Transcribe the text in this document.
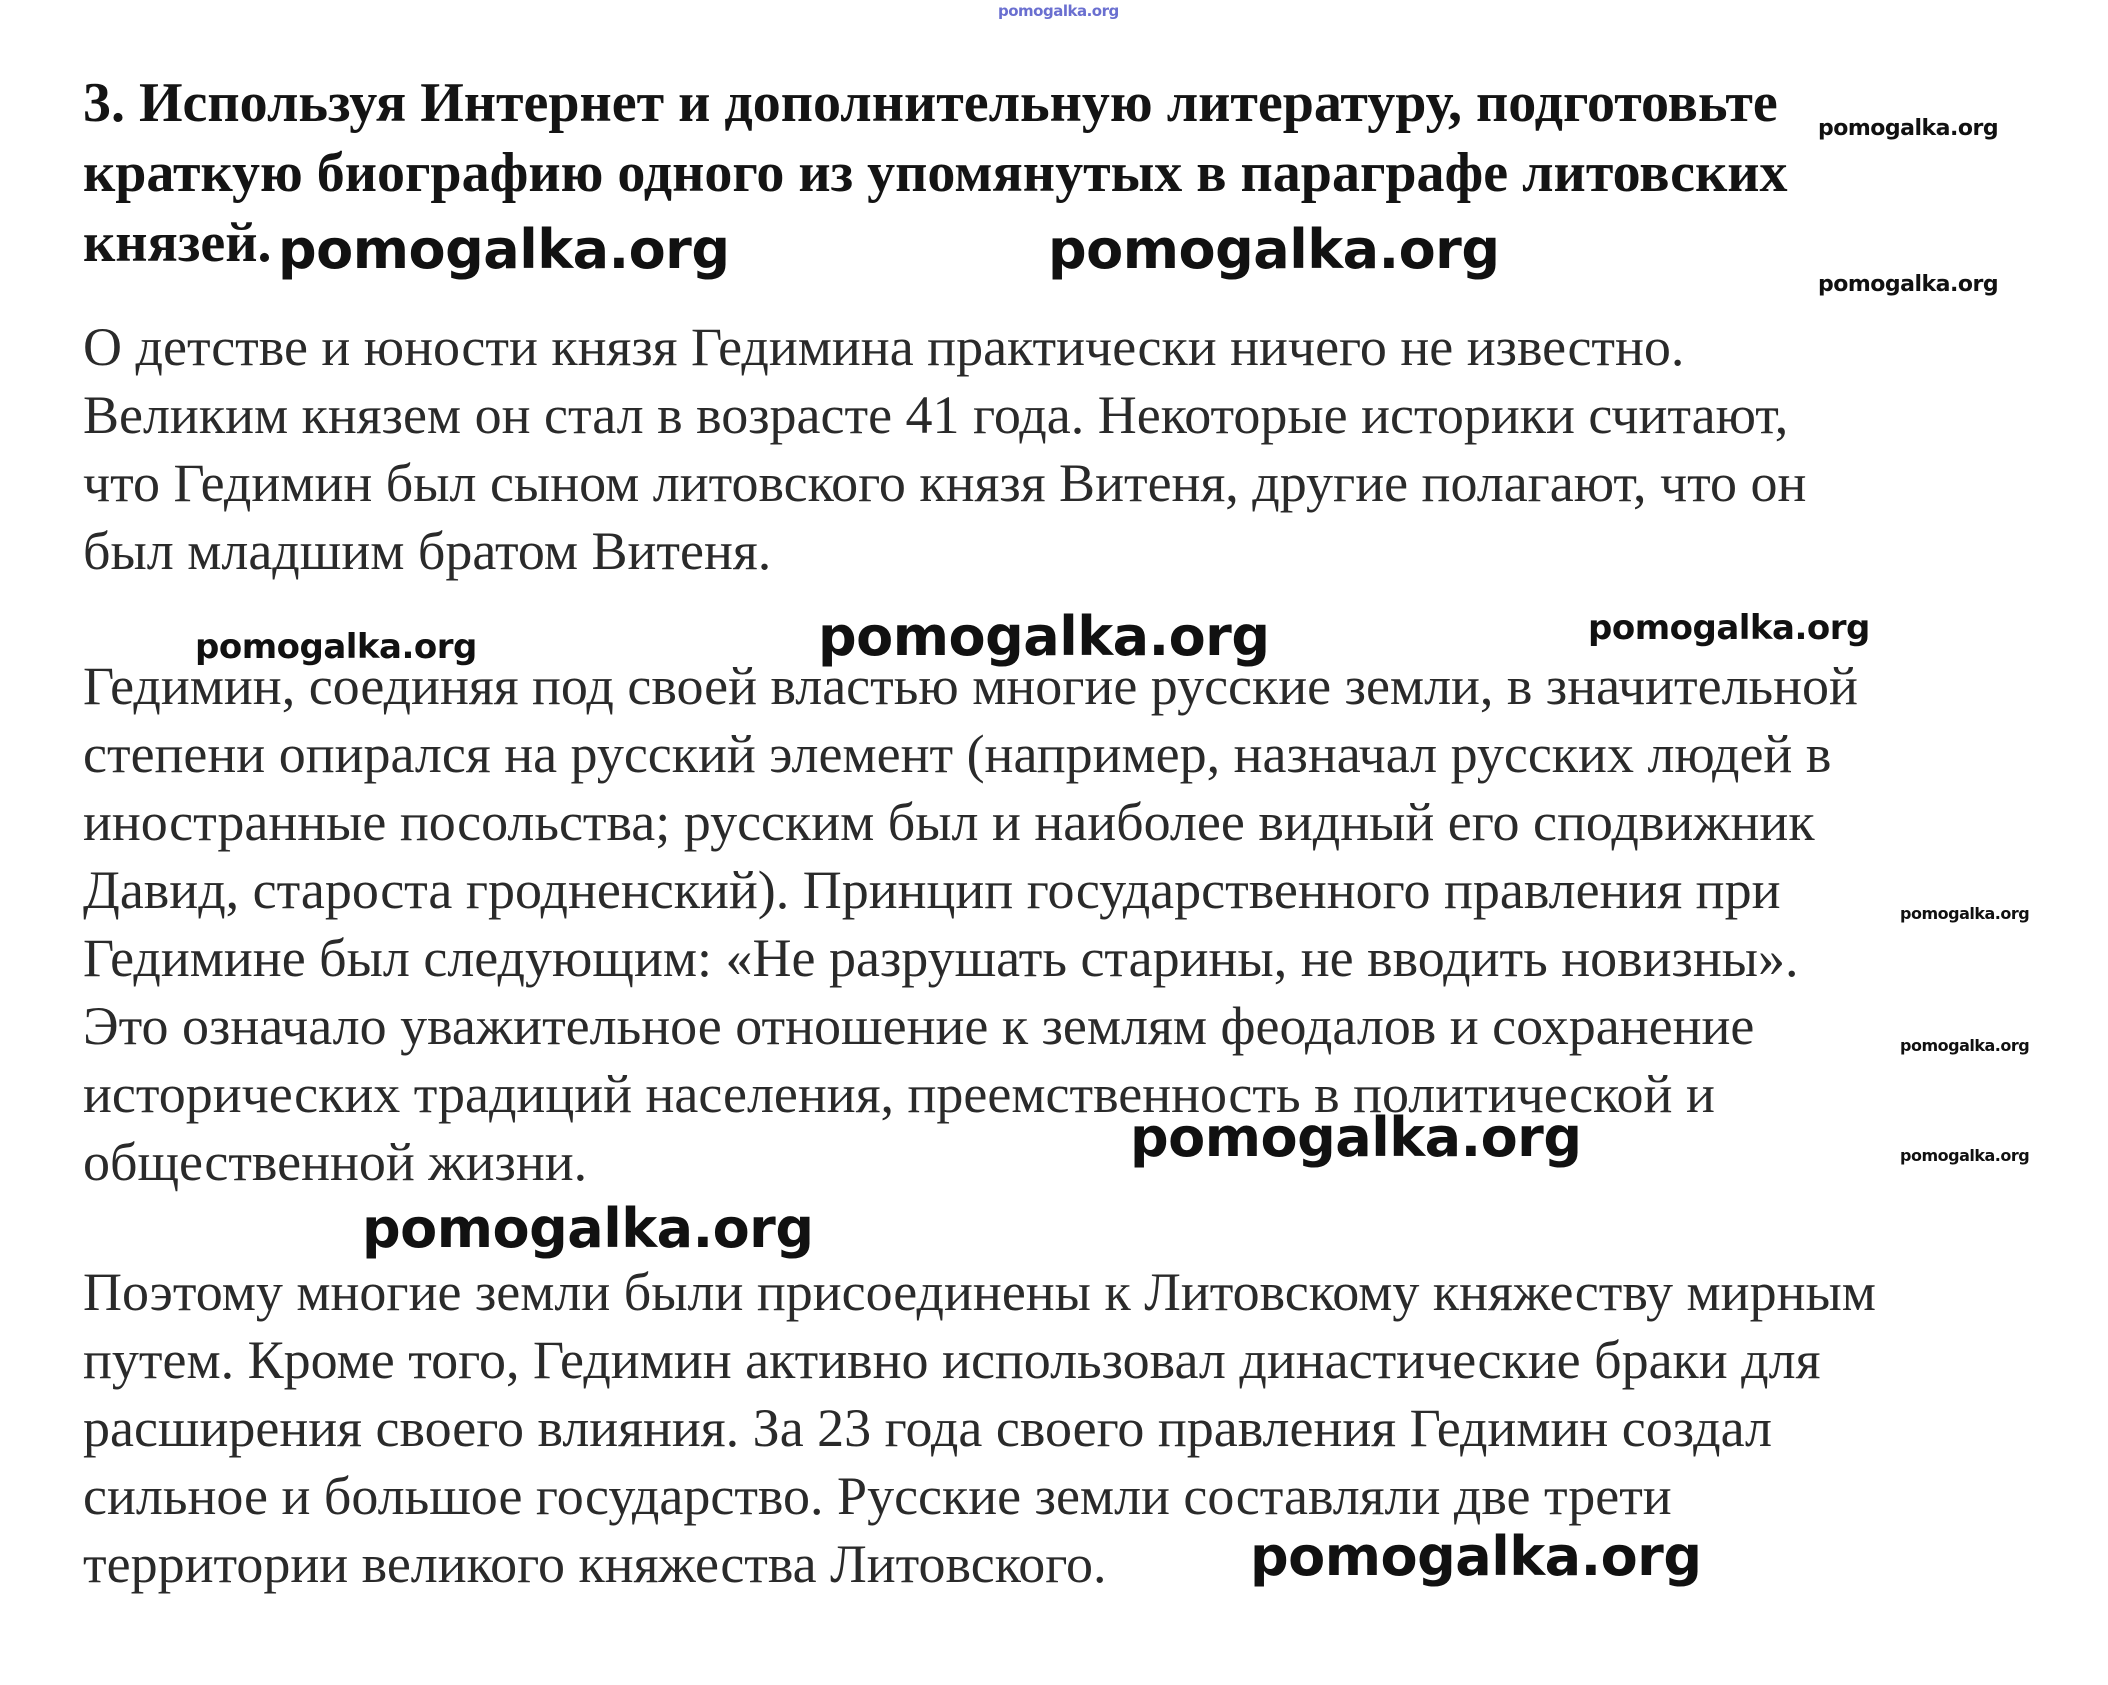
pomogalka.org
3. Используя Интернет и дополнительную литературу, подготовьте
краткую биографию одного из упомянутых в параграфе литовских
князей.

О детстве и юности князя Гедимина практически ничего не известно.
Великим князем он стал в возрасте 41 года. Некоторые историки считают,
что Гедимин был сыном литовского князя Витеня, другие полагают, что он
был младшим братом Витеня.

Гедимин, соединяя под своей властью многие русские земли, в значительной
степени опирался на русский элемент (например, назначал русских людей в
иностранные посольства; русским был и наиболее видный его сподвижник
Давид, староста гродненский). Принцип государственного правления при
Гедимине был следующим: «Не разрушать старины, не вводить новизны».
Это означало уважительное отношение к землям феодалов и сохранение
исторических традиций населения, преемственность в политической и
общественной жизни.

Поэтому многие земли были присоединены к Литовскому княжеству мирным
путем. Кроме того, Гедимин активно использовал династические браки для
расширения своего влияния. За 23 года своего правления Гедимин создал
сильное и большое государство. Русские земли составляли две трети
территории великого княжества Литовского.

pomogalka.org
pomogalka.org	pomogalka.org
pomogalka.org
pomogalka.org	pomogalka.org	pomogalka.org
pomogalka.org
pomogalka.org
pomogalka.org	pomogalka.org
pomogalka.org
pomogalka.org
